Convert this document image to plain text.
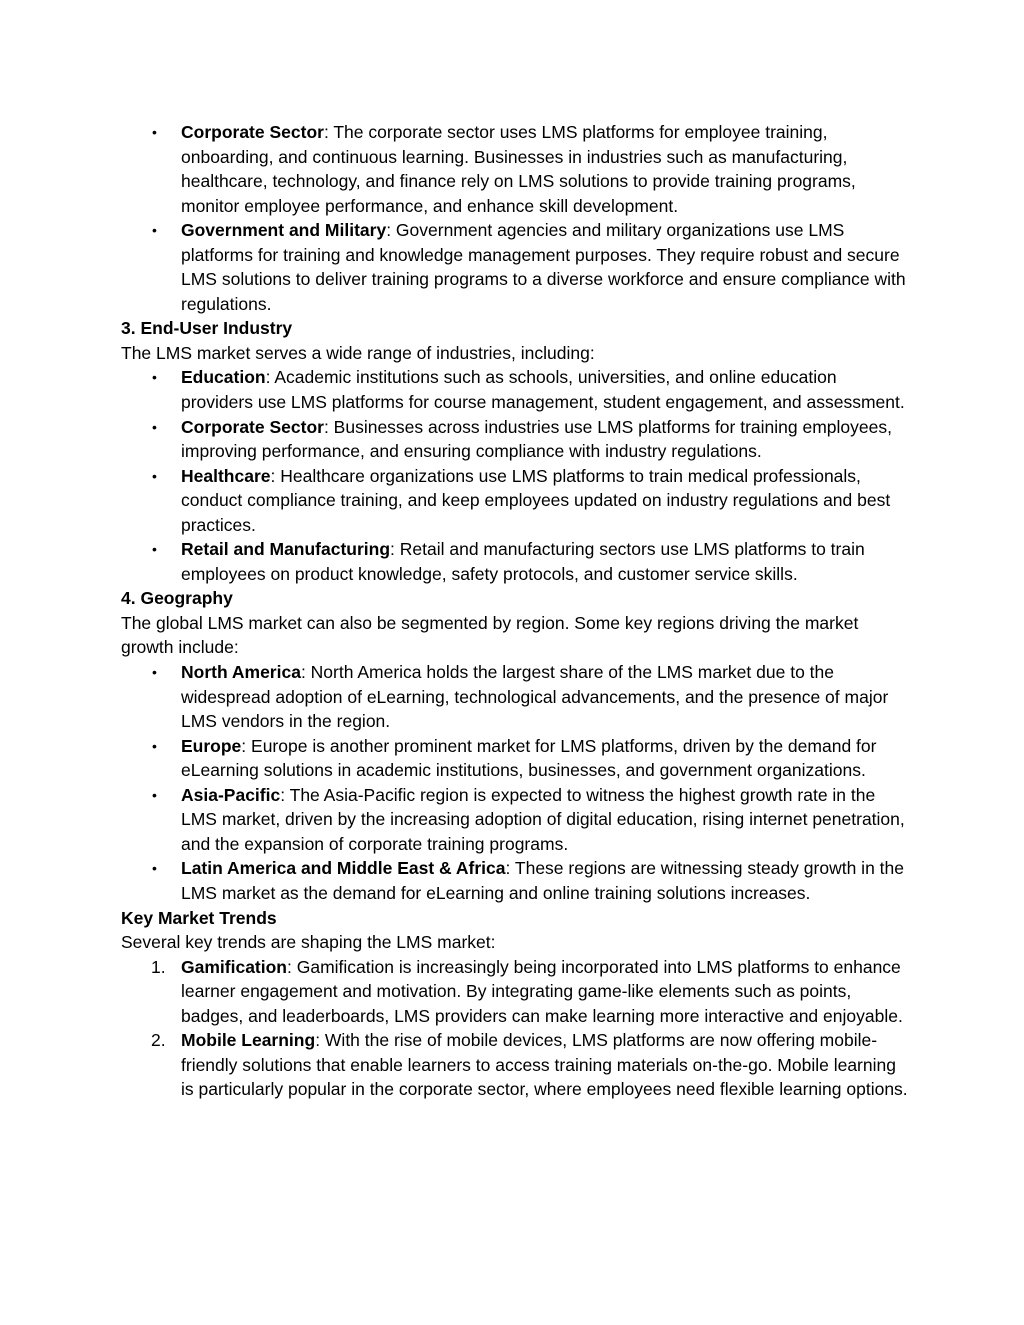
• Corporate Sector: The corporate sector uses LMS platforms for employee training, onboarding, and continuous learning. Businesses in industries such as manufacturing, healthcare, technology, and finance rely on LMS solutions to provide training programs, monitor employee performance, and enhance skill development.
• Government and Military: Government agencies and military organizations use LMS platforms for training and knowledge management purposes. They require robust and secure LMS solutions to deliver training programs to a diverse workforce and ensure compliance with regulations.

3. End-User Industry

The LMS market serves a wide range of industries, including:

• Education: Academic institutions such as schools, universities, and online education providers use LMS platforms for course management, student engagement, and assessment.
• Corporate Sector: Businesses across industries use LMS platforms for training employees, improving performance, and ensuring compliance with industry regulations.
• Healthcare: Healthcare organizations use LMS platforms to train medical professionals, conduct compliance training, and keep employees updated on industry regulations and best practices.
• Retail and Manufacturing: Retail and manufacturing sectors use LMS platforms to train employees on product knowledge, safety protocols, and customer service skills.

4. Geography

The global LMS market can also be segmented by region. Some key regions driving the market growth include:

• North America: North America holds the largest share of the LMS market due to the widespread adoption of eLearning, technological advancements, and the presence of major LMS vendors in the region.
• Europe: Europe is another prominent market for LMS platforms, driven by the demand for eLearning solutions in academic institutions, businesses, and government organizations.
• Asia-Pacific: The Asia-Pacific region is expected to witness the highest growth rate in the LMS market, driven by the increasing adoption of digital education, rising internet penetration, and the expansion of corporate training programs.
• Latin America and Middle East & Africa: These regions are witnessing steady growth in the LMS market as the demand for eLearning and online training solutions increases.

Key Market Trends

Several key trends are shaping the LMS market:

1. Gamification: Gamification is increasingly being incorporated into LMS platforms to enhance learner engagement and motivation. By integrating game-like elements such as points, badges, and leaderboards, LMS providers can make learning more interactive and enjoyable.
2. Mobile Learning: With the rise of mobile devices, LMS platforms are now offering mobile-friendly solutions that enable learners to access training materials on-the-go. Mobile learning is particularly popular in the corporate sector, where employees need flexible learning options.
